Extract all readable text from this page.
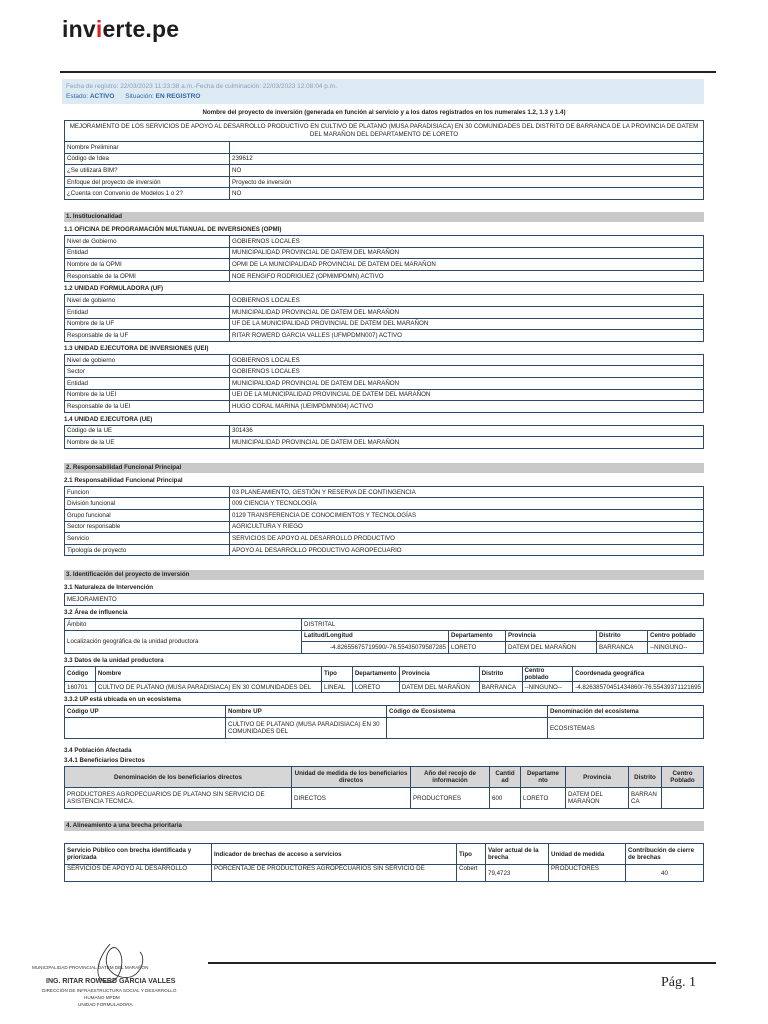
invierte.pe
Fecha de registro: 22/03/2023 11:23:38 a.m.-Fecha de culminación: 22/03/2023 12:08:04 p.m.
Estado: ACTIVO Situación: EN REGISTRO
Nombre del proyecto de inversión (generada en función al servicio y a los datos registrados en los numerales 1.2, 1.3 y 1.4)
MEJORAMIENTO DE LOS SERVICIOS DE APOYO AL DESARROLLO PRODUCTIVO EN CULTIVO DE PLATANO (MUSA PARADISIACA) EN 30 COMUNIDADES DEL DISTRITO DE BARRANCA DE LA PROVINCIA DE DATEM DEL MARAÑON DEL DEPARTAMENTO DE LORETO	
Nombre Preliminar	
Código de Idea	239612
¿Se utilizará BIM?	NO
Enfoque del proyecto de inversión	Proyecto de inversión
¿Cuenta con Convenio de Modelos 1 o 2?	NO
1. Institucionalidad
1.1 OFICINA DE PROGRAMACIÓN MULTIANUAL DE INVERSIONES (OPMI)
Nivel de Gobierno	GOBIERNOS LOCALES
Entidad	MUNICIPALIDAD PROVINCIAL DE DATEM DEL MARAÑON
Nombre de la OPMI	OPMI DE LA MUNICIPALIDAD PROVINCIAL DE DATEM DEL MARAÑON
Responsable de la OPMI	NOE RENGIFO RODRIGUEZ (OPMIMPDMN) ACTIVO
1.2 UNIDAD FORMULADORA (UF)
Nivel de gobierno	GOBIERNOS LOCALES
Entidad	MUNICIPALIDAD PROVINCIAL DE DATEM DEL MARAÑON
Nombre de la UF	UF DE LA MUNICIPALIDAD PROVINCIAL DE DATEM DEL MARAÑON
Responsable de la UF	RITAR ROWERD GARCIA VALLES (UFMPDMN007) ACTIVO
1.3 UNIDAD EJECUTORA DE INVERSIONES (UEI)
Nivel de gobierno	GOBIERNOS LOCALES
Sector	GOBIERNOS LOCALES
Entidad	MUNICIPALIDAD PROVINCIAL DE DATEM DEL MARAÑON
Nombre de la UEI	UEI DE LA MUNICIPALIDAD PROVINCIAL DE DATEM DEL MARAÑON
Responsable de la UEI	HUGO CORAL MARINA (UEIMPDMN004) ACTIVO
1.4 UNIDAD EJECUTORA (UE)
Código de la UE	301436
Nombre de la UE	MUNICIPALIDAD PROVINCIAL DE DATEM DEL MARAÑON
2. Responsabilidad Funcional Principal
2.1 Responsabilidad Funcional Principal
Funcion	03 PLANEAMIENTO, GESTIÓN Y RESERVA DE CONTINGENCIA
División funcional	009 CIENCIA Y TECNOLOGÍA
Grupo funcional	0129 TRANSFERENCIA DE CONOCIMIENTOS Y TECNOLOGÍAS
Sector responsable	AGRICULTURA Y RIEGO
Servicio	SERVICIOS DE APOYO AL DESARROLLO PRODUCTIVO
Tipología de proyecto	APOYO AL DESARROLLO PRODUCTIVO AGROPECUARIO
3. Identificación del proyecto de inversión
3.1 Naturaleza de Intervención
MEJORAMIENTO
3.2 Área de influencia
Ámbito	DISTRITAL				
Localización geográfica de la unidad productora	Latitud/Longitud	Departamento	Provincia	Distrito	Centro poblado
	-4.82655675719590/-76.55435079587285	LORETO	DATEM DEL MARAÑON	BARRANCA	--NINGUNO--
3.3 Datos de la unidad productora
Código	Nombre	Tipo	Departamento	Provincia	Distrito	Centro poblado	Coordenada geográfica
160701	CULTIVO DE PLATANO (MUSA PARADISIACA) EN 30 COMUNIDADES DEL	LINEAL	LORETO	DATEM DEL MARAÑON	BARRANCA	--NINGUNO--	-4.82638570451434860/-76.55439371121695
3.3.2 UP está ubicada en un ecosistema
Código UP	Nombre UP	Código de Ecosistema	Denominación del ecosistema
	CULTIVO DE PLATANO (MUSA PARADISIACA) EN 30 COMUNIDADES DEL		ECOSISTEMAS
3.4 Población Afectada
3.4.1 Beneficiarios Directos
Denominación de los beneficiarios directos	Unidad de medida de los beneficiarios directos	Año del recojo de información	Cantid ad	Departame nto	Provincia	Distrito	Centro Poblado
PRODUCTORES AGROPECUARIOS DE PLATANO SIN SERVICIO DE ASISTENCIA TECNICA.	DIRECTOS	PRODUCTORES	600	LORETO	DATEM DEL MARAÑON	BARRAN CA	
4. Alineamiento a una brecha prioritaria
Servicio Público con brecha identificada y priorizada	Indicador de brechas de acceso a servicios	Tipo	Valor actual de la brecha	Unidad de medida	Contribución de cierre de brechas
SERVICIOS DE APOYO AL DESARROLLO	PORCENTAJE DE PRODUCTORES AGROPECUARIOS SIN SERVICIO DE	Cobert	79,4723	PRODUCTORES	40
MUNICIPALIDAD PROVINCIAL DATEM DEL MARAÑON
ING. RITAR ROWERD GARCIA VALLES
DIRECCIÓN DE INFRAESTRUCTURA SOCIAL Y DESARROLLO
HUMANO MPDM
UNIDAD FORMULADORA
Pág. 1
